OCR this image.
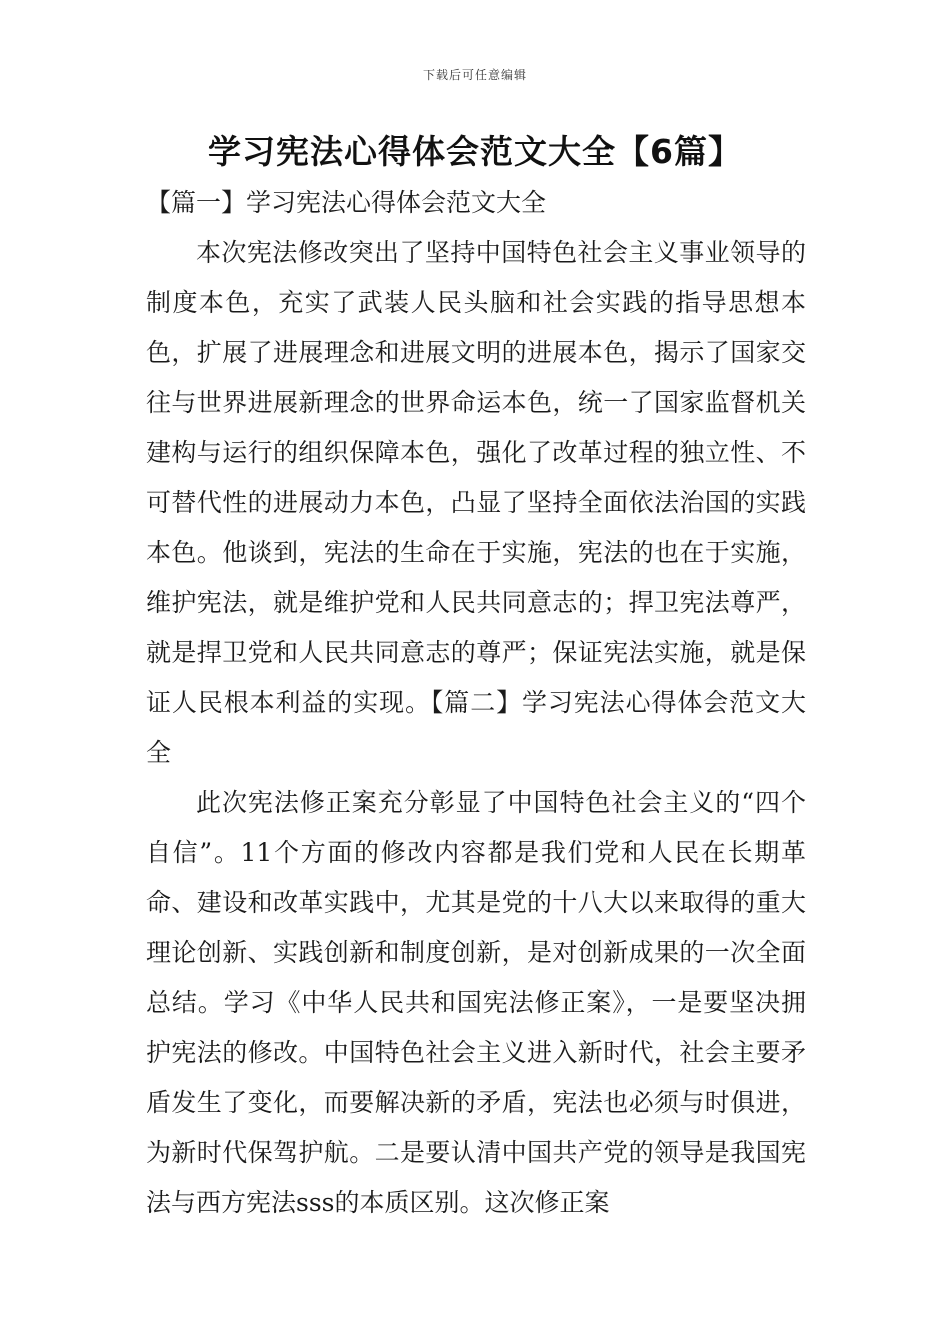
下载后可任意编辑
学习宪法心得体会范文大全【6篇】

【篇一】学习宪法心得体会范文大全

本次宪法修改突出了坚持中国特色社会主义事业领导的制度本色，充实了武装人民头脑和社会实践的指导思想本色，扩展了进展理念和进展文明的进展本色，揭示了国家交往与世界进展新理念的世界命运本色，统一了国家监督机关建构与运行的组织保障本色，强化了改革过程的独立性、不可替代性的进展动力本色，凸显了坚持全面依法治国的实践本色。他谈到，宪法的生命在于实施，宪法的也在于实施，维护宪法，就是维护党和人民共同意志的；捍卫宪法尊严，就是捍卫党和人民共同意志的尊严；保证宪法实施，就是保证人民根本利益的实现。【篇二】学习宪法心得体会范文大全

此次宪法修正案充分彰显了中国特色社会主义的“四个自信”。11个方面的修改内容都是我们党和人民在长期革命、建设和改革实践中，尤其是党的十八大以来取得的重大理论创新、实践创新和制度创新，是对创新成果的一次全面总结。学习《中华人民共和国宪法修正案》，一是要坚决拥护宪法的修改。中国特色社会主义进入新时代，社会主要矛盾发生了变化，而要解决新的矛盾，宪法也必须与时俱进，为新时代保驾护航。二是要认清中国共产党的领导是我国宪法与西方宪法sss的本质区别。这次修正案
